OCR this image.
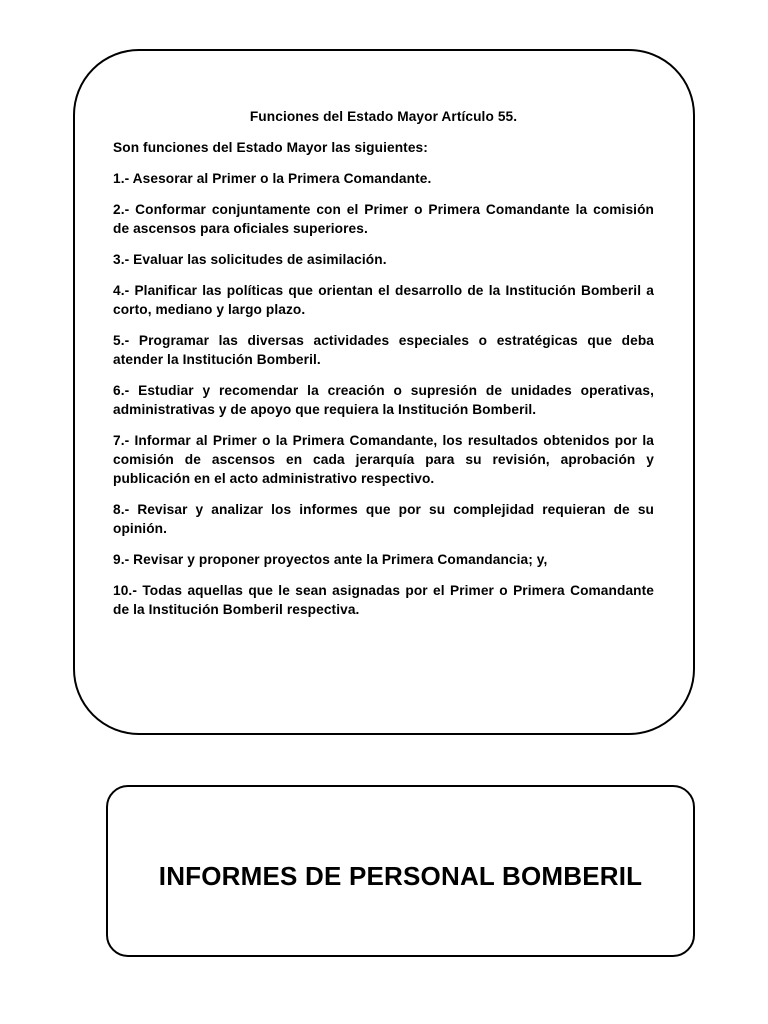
Funciones del Estado Mayor Artículo 55.

Son funciones del Estado Mayor las siguientes:

1.- Asesorar al Primer o la Primera Comandante.

2.- Conformar conjuntamente con el Primer o Primera Comandante la comisión de ascensos para oficiales superiores.

3.- Evaluar las solicitudes de asimilación.

4.- Planificar las políticas que orientan el desarrollo de la Institución Bomberil a corto, mediano y largo plazo.

5.- Programar las diversas actividades especiales o estratégicas que deba atender la Institución Bomberil.

6.- Estudiar y recomendar la creación o supresión de unidades operativas, administrativas y de apoyo que requiera la Institución Bomberil.

7.- Informar al Primer o la Primera Comandante, los resultados obtenidos por la comisión de ascensos en cada jerarquía para su revisión, aprobación y publicación en el acto administrativo respectivo.

8.- Revisar y analizar los informes que por su complejidad requieran de su opinión.

9.- Revisar y proponer proyectos ante la Primera Comandancia; y,

10.- Todas aquellas que le sean asignadas por el Primer o Primera Comandante de la Institución Bomberil respectiva.

INFORMES DE PERSONAL BOMBERIL
